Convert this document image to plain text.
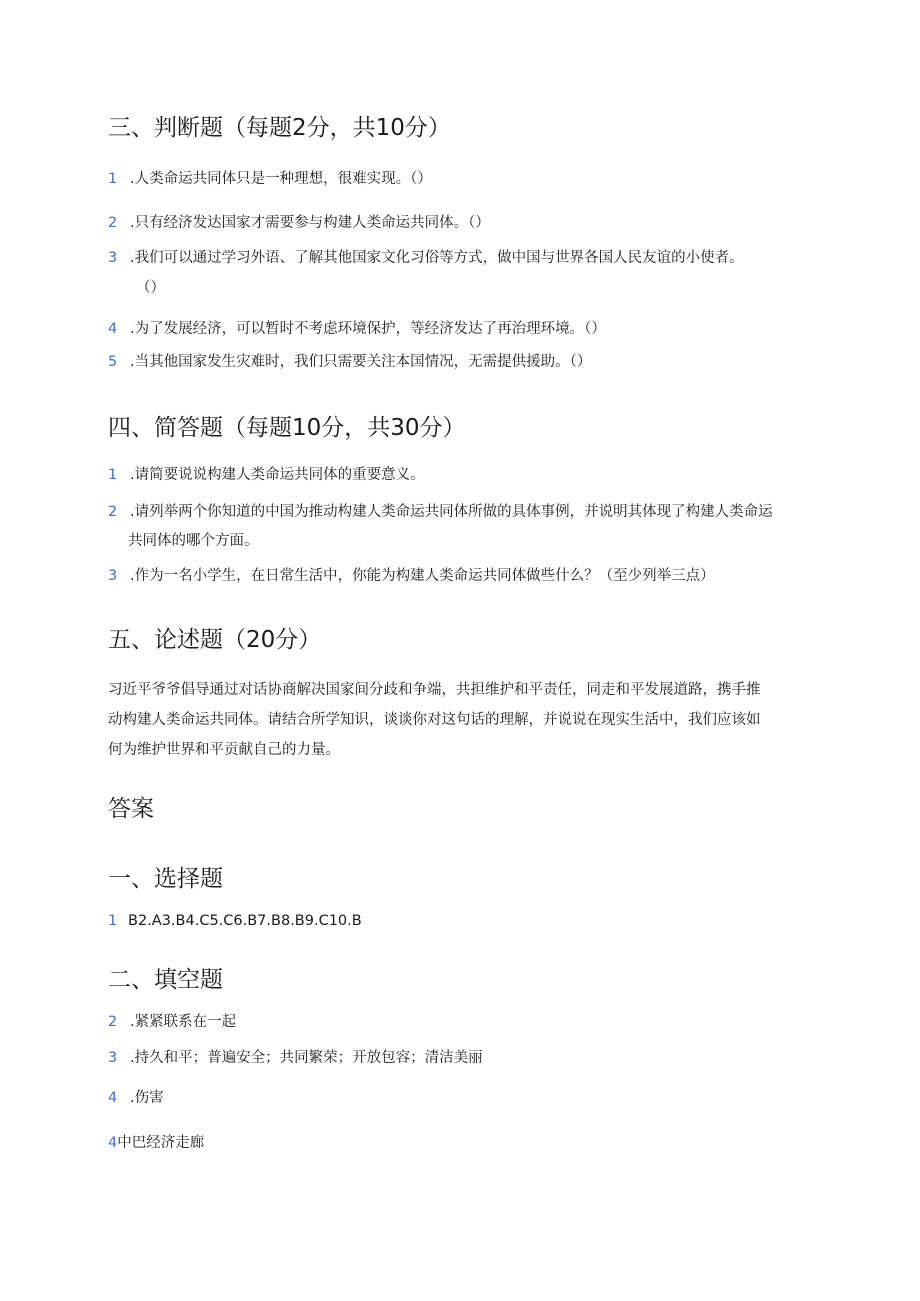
三、判断题（每题2分，共10分）
1 .人类命运共同体只是一种理想，很难实现。（）
2 .只有经济发达国家才需要参与构建人类命运共同体。（）
3 .我们可以通过学习外语、了解其他国家文化习俗等方式，做中国与世界各国人民友谊的小使者。
（）
4 .为了发展经济，可以暂时不考虑环境保护，等经济发达了再治理环境。（）
5 .当其他国家发生灾难时，我们只需要关注本国情况，无需提供援助。（）
四、简答题（每题10分，共30分）
1 .请简要说说构建人类命运共同体的重要意义。
2 .请列举两个你知道的中国为推动构建人类命运共同体所做的具体事例，并说明其体现了构建人类命运
共同体的哪个方面。
3 .作为一名小学生，在日常生活中，你能为构建人类命运共同体做些什么？（至少列举三点）
五、论述题（20分）
习近平爷爷倡导通过对话协商解决国家间分歧和争端，共担维护和平责任，同走和平发展道路，携手推
动构建人类命运共同体。请结合所学知识，谈谈你对这句话的理解，并说说在现实生活中，我们应该如
何为维护世界和平贡献自己的力量。
答案
一、选择题
1 B2.A3.B4.C5.C6.B7.B8.B9.C10.B
二、填空题
2 .紧紧联系在一起
3 .持久和平；普遍安全；共同繁荣；开放包容；清洁美丽
4 .伤害
4中巴经济走廊
